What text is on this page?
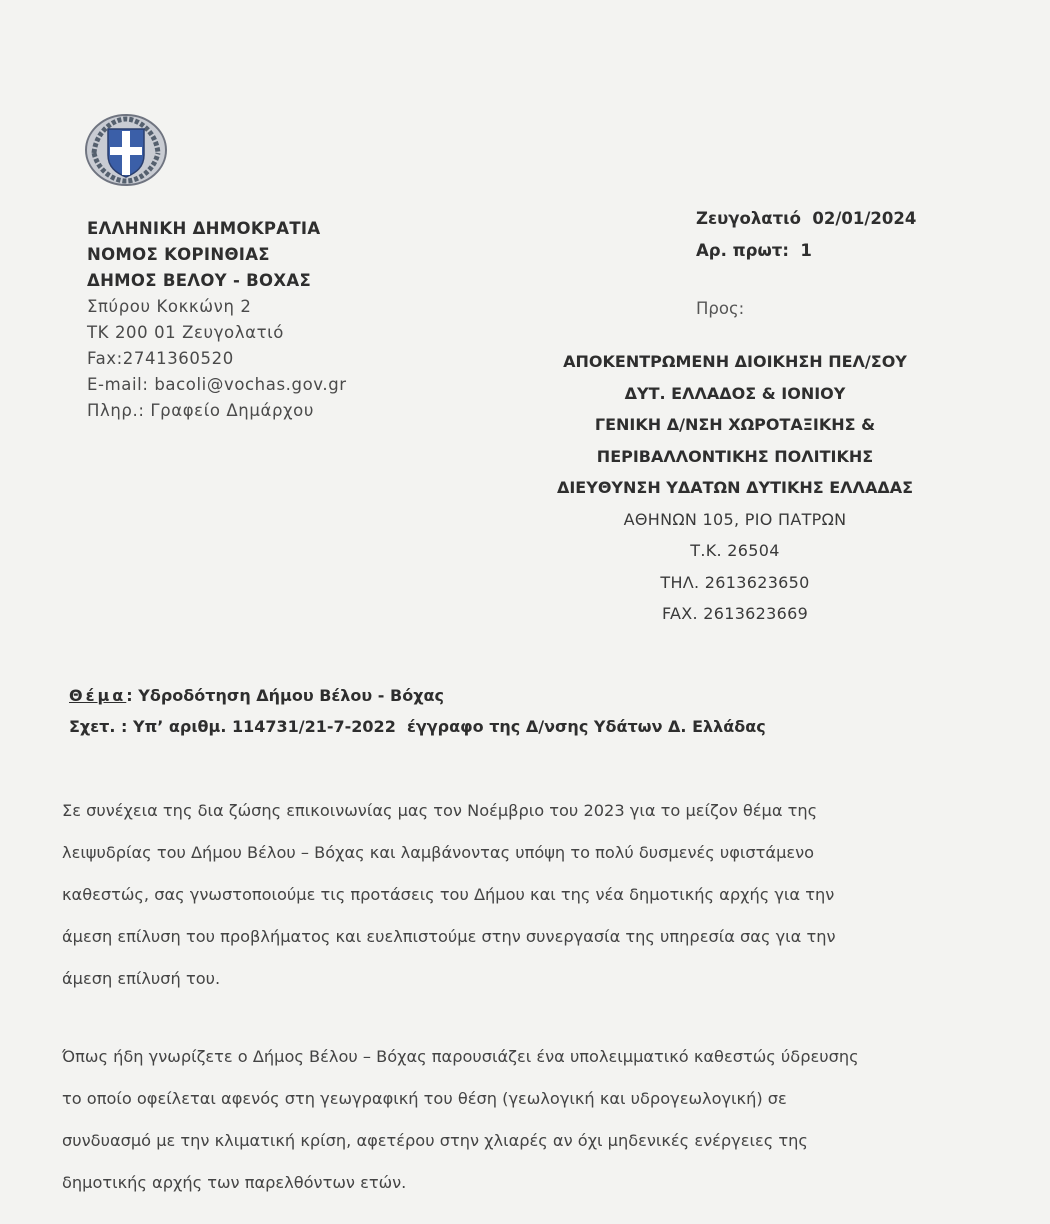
ΕΛΛΗΝΙΚΗ ΔΗΜΟΚΡΑΤΙΑ
ΝΟΜΟΣ ΚΟΡΙΝΘΙΑΣ
ΔΗΜΟΣ ΒΕΛΟΥ - ΒΟΧΑΣ
Σπύρου Κοκκώνη 2
ΤΚ 200 01 Ζευγολατιό
Fax:2741360520
E-mail: bacoli@vochas.gov.gr
Πληρ.: Γραφείο Δημάρχου
Ζευγολατιό  02/01/2024
Αρ. πρωτ:  1
Προς:
ΑΠΟΚΕΝΤΡΩΜΕΝΗ ΔΙΟΙΚΗΣΗ ΠΕΛ/ΣΟΥ
ΔΥΤ. ΕΛΛΑΔΟΣ & ΙΟΝΙΟΥ
ΓΕΝΙΚΗ Δ/ΝΣΗ ΧΩΡΟΤΑΞΙΚΗΣ &
ΠΕΡΙΒΑΛΛΟΝΤΙΚΗΣ ΠΟΛΙΤΙΚΗΣ
ΔΙΕΥΘΥΝΣΗ ΥΔΑΤΩΝ ΔΥΤΙΚΗΣ ΕΛΛΑΔΑΣ
ΑΘΗΝΩΝ 105, ΡΙΟ ΠΑΤΡΩΝ
Τ.Κ. 26504
ΤΗΛ. 2613623650
FAX. 2613623669
Θέμα: Υδροδότηση Δήμου Βέλου - Βόχας
Σχετ. : Υπ’ αριθμ. 114731/21-7-2022  έγγραφο της Δ/νσης Υδάτων Δ. Ελλάδας
Σε συνέχεια της δια ζώσης επικοινωνίας μας τον Νοέμβριο του 2023 για το μείζον θέμα της
λειψυδρίας του Δήμου Βέλου – Βόχας και λαμβάνοντας υπόψη το πολύ δυσμενές υφιστάμενο
καθεστώς, σας γνωστοποιούμε τις προτάσεις του Δήμου και της νέα δημοτικής αρχής για την
άμεση επίλυση του προβλήματος και ευελπιστούμε στην συνεργασία της υπηρεσία σας για την
άμεση επίλυσή του.
Όπως ήδη γνωρίζετε ο Δήμος Βέλου – Βόχας παρουσιάζει ένα υπολειμματικό καθεστώς ύδρευσης
το οποίο οφείλεται αφενός στη γεωγραφική του θέση (γεωλογική και υδρογεωλογική) σε
συνδυασμό με την κλιματική κρίση, αφετέρου στην χλιαρές αν όχι μηδενικές ενέργειες της
δημοτικής αρχής των παρελθόντων ετών.
